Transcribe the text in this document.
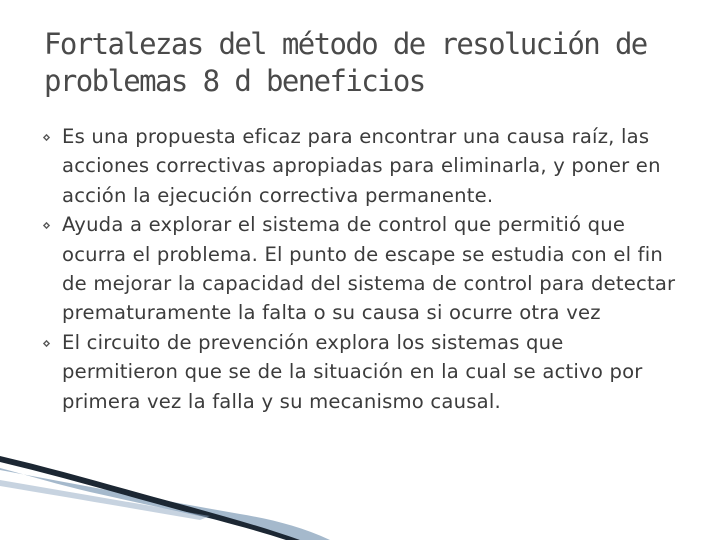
Fortalezas del método de resolución de problemas 8 d beneficios
Es una propuesta eficaz para encontrar una causa raíz, las acciones correctivas apropiadas para eliminarla, y poner en acción la ejecución correctiva permanente.
Ayuda a explorar el sistema de control que permitió que ocurra el problema. El punto de escape se estudia con el fin de mejorar la capacidad del sistema de control para detectar prematuramente la falta o su causa si ocurre otra vez
El circuito de prevención explora los sistemas que permitieron que se de la situación en la cual se activo por primera vez la falla y su mecanismo causal.
